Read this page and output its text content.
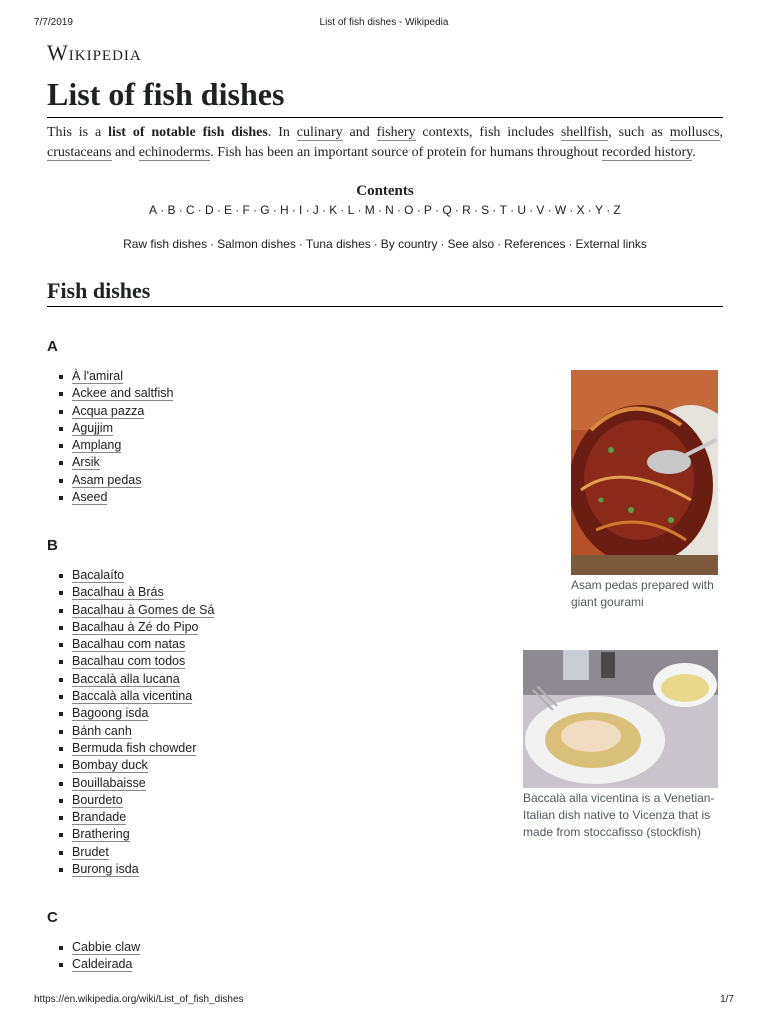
7/7/2019	List of fish dishes - Wikipedia
Wikipedia
List of fish dishes

This is a list of notable fish dishes. In culinary and fishery contexts, fish includes shellfish, such as molluscs, crustaceans and echinoderms. Fish has been an important source of protein for humans throughout recorded history.

Contents
A · B · C · D · E · F · G · H · I · J · K · L · M · N · O · P · Q · R · S · T · U · V · W · X · Y · Z
Raw fish dishes · Salmon dishes · Tuna dishes · By country · See also · References · External links
Fish dishes
A
À l'amiral
Ackee and saltfish
Acqua pazza
Agujjim
Amplang
Arsik
Asam pedas
Aseed
B
Bacalaíto
Bacalhau à Brás
Bacalhau à Gomes de Sá
Bacalhau à Zé do Pipo
Bacalhau com natas
Bacalhau com todos
Baccalà alla lucana
Baccalà alla vicentina
Bagoong isda
Bánh canh
Bermuda fish chowder
Bombay duck
Bouillabaisse
Bourdeto
Brandade
Brathering
Brudet
Burong isda
C
Cabbie claw
Caldeirada
Asam pedas prepared with giant gourami
Baccalà alla vicentina is a Venetian-Italian dish native to Vicenza that is made from stoccafisso (stockfish)
https://en.wikipedia.org/wiki/List_of_fish_dishes	1/7
